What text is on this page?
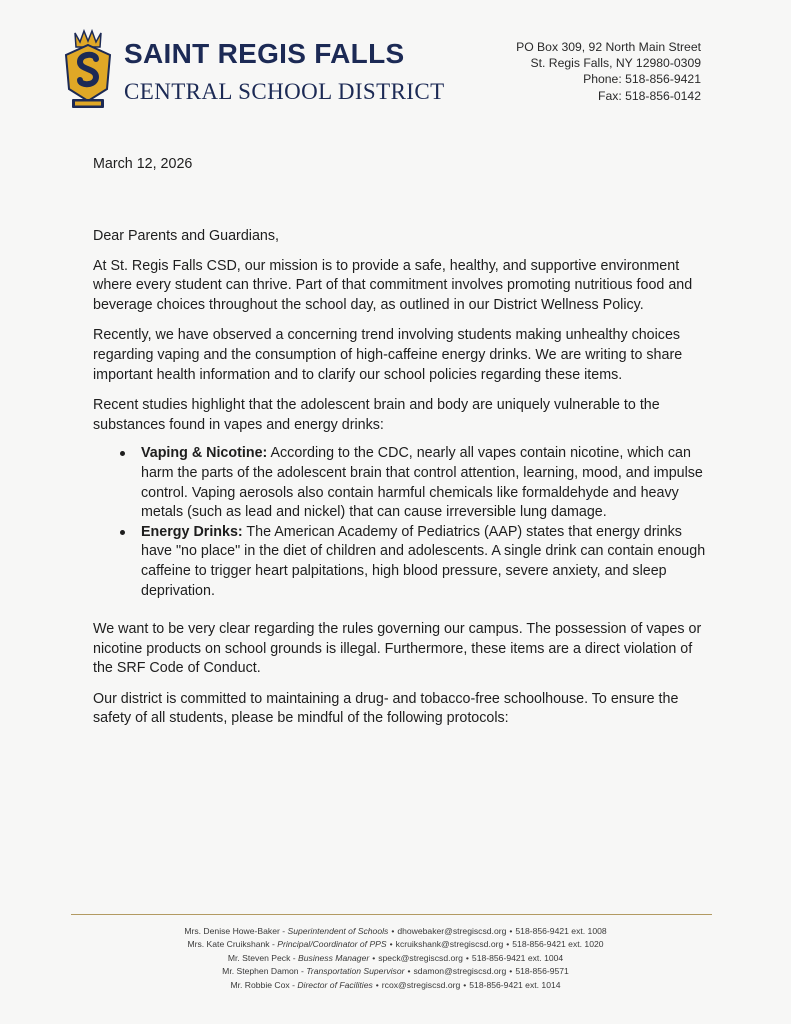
SAINT REGIS FALLS
CENTRAL SCHOOL DISTRICT
PO Box 309, 92 North Main Street
St. Regis Falls, NY 12980-0309
Phone: 518-856-9421
Fax: 518-856-0142
March 12, 2026

Dear Parents and Guardians,

At St. Regis Falls CSD, our mission is to provide a safe, healthy, and supportive environment where every student can thrive. Part of that commitment involves promoting nutritious food and beverage choices throughout the school day, as outlined in our District Wellness Policy.

Recently, we have observed a concerning trend involving students making unhealthy choices regarding vaping and the consumption of high-caffeine energy drinks. We are writing to share important health information and to clarify our school policies regarding these items.

Recent studies highlight that the adolescent brain and body are uniquely vulnerable to the substances found in vapes and energy drinks:

Vaping & Nicotine: According to the CDC, nearly all vapes contain nicotine, which can harm the parts of the adolescent brain that control attention, learning, mood, and impulse control. Vaping aerosols also contain harmful chemicals like formaldehyde and heavy metals (such as lead and nickel) that can cause irreversible lung damage.
Energy Drinks: The American Academy of Pediatrics (AAP) states that energy drinks have "no place" in the diet of children and adolescents. A single drink can contain enough caffeine to trigger heart palpitations, high blood pressure, severe anxiety, and sleep deprivation.

We want to be very clear regarding the rules governing our campus. The possession of vapes or nicotine products on school grounds is illegal. Furthermore, these items are a direct violation of the SRF Code of Conduct.

Our district is committed to maintaining a drug- and tobacco-free schoolhouse. To ensure the safety of all students, please be mindful of the following protocols:

Mrs. Denise Howe-Baker - Superintendent of Schools • dhowebaker@stregiscsd.org • 518-856-9421 ext. 1008
Mrs. Kate Cruikshank - Principal/Coordinator of PPS • kcruikshank@stregiscsd.org • 518-856-9421 ext. 1020
Mr. Steven Peck - Business Manager • speck@stregiscsd.org • 518-856-9421 ext. 1004
Mr. Stephen Damon - Transportation Supervisor • sdamon@stregiscsd.org • 518-856-9571
Mr. Robbie Cox - Director of Facilities • rcox@stregiscsd.org • 518-856-9421 ext. 1014
